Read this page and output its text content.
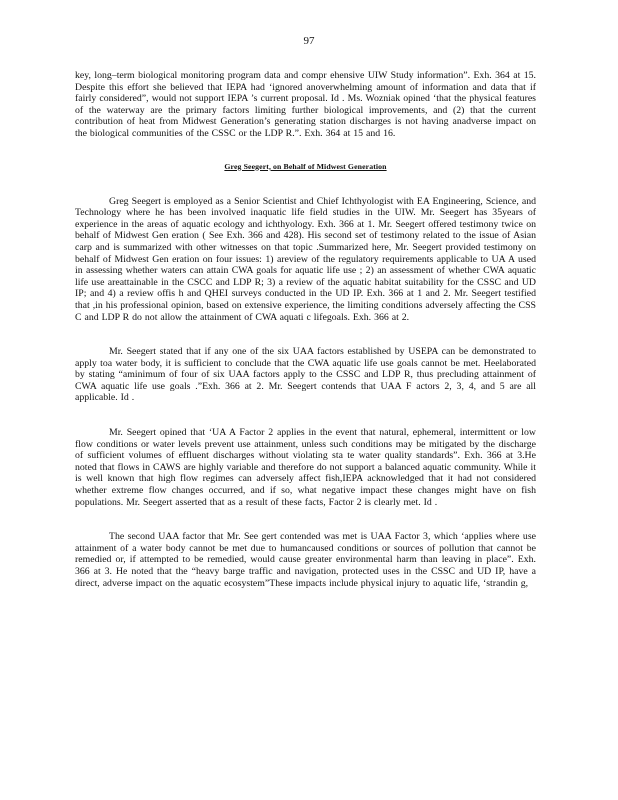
97

key, long–term biological monitoring program data and compr ehensive UIW Study information”. Exh. 364 at 15. Despite this effort she believed that IEPA had ‘ignored anoverwhelming amount of information and data that if fairly considered”, would not support IEPA ’s current proposal. Id . Ms. Wozniak opined ‘that the physical features of the waterway are the primary factors limiting further biological improvements, and (2) that the current contribution of heat from Midwest Generation’s generating station discharges is not having anadverse impact on the biological communities of the CSSC or the LDP R.”. Exh. 364 at 15 and 16.

Greg Seegert, on Behalf of Midwest Generation

Greg Seegert is employed as a Senior Scientist and Chief Ichthyologist with EA Engineering, Science, and Technology where he has been involved inaquatic life field studies in the UIW. Mr. Seegert has 35years of experience in the areas of aquatic ecology and ichthyology. Exh. 366 at 1. Mr. Seegert offered testimony twice on behalf of Midwest Gen eration ( See Exh. 366 and 428). His second set of testimony related to the issue of Asian carp and is summarized with other witnesses on that topic .Summarized here, Mr. Seegert provided testimony on behalf of Midwest Gen eration on four issues: 1) areview of the regulatory requirements applicable to UA A used in assessing whether waters can attain CWA goals for aquatic life use ; 2) an assessment of whether CWA aquatic life use areattainable in the CSCC and LDP R; 3) a review of the aquatic habitat suitability for the CSSC and UD IP; and 4) a review offis h and QHEI surveys conducted in the UD IP. Exh. 366 at 1 and 2. Mr. Seegert testified that ,in his professional opinion, based on extensive experience, the limiting conditions adversely affecting the CSS C and LDP R do not allow the attainment of CWA aquati c lifegoals. Exh. 366 at 2.

Mr. Seegert stated that if any one of the six UAA factors established by USEPA can be demonstrated to apply toa water body, it is sufficient to conclude that the CWA aquatic life use goals cannot be met. Heelaborated by stating “aminimum of four of six UAA factors apply to the CSSC and LDP R, thus precluding attainment of CWA aquatic life use goals .”Exh. 366 at 2. Mr. Seegert contends that UAA F actors 2, 3, 4, and 5 are all applicable. Id .

Mr. Seegert opined that ‘UA A Factor 2 applies in the event that natural, ephemeral, intermittent or low flow conditions or water levels prevent use attainment, unless such conditions may be mitigated by the discharge of sufficient volumes of effluent discharges without violating sta te water quality standards”. Exh. 366 at 3.He noted that flows in CAWS are highly variable and therefore do not support a balanced aquatic community. While it is well known that high flow regimes can adversely affect fish,IEPA acknowledged that it had not considered whether extreme flow changes occurred, and if so, what negative impact these changes might have on fish populations. Mr. Seegert asserted that as a result of these facts, Factor 2 is clearly met. Id .

The second UAA factor that Mr. See gert contended was met is UAA Factor 3, which ‘applies where use attainment of a water body cannot be met due to humancaused conditions or sources of pollution that cannot be remedied or, if attempted to be remedied, would cause greater environmental harm than leaving in place”. Exh. 366 at 3. He noted that the “heavy barge traffic and navigation, protected uses in the CSSC and UD IP, have a direct, adverse impact on the aquatic ecosystem”These impacts include physical injury to aquatic life, ‘strandin g,
